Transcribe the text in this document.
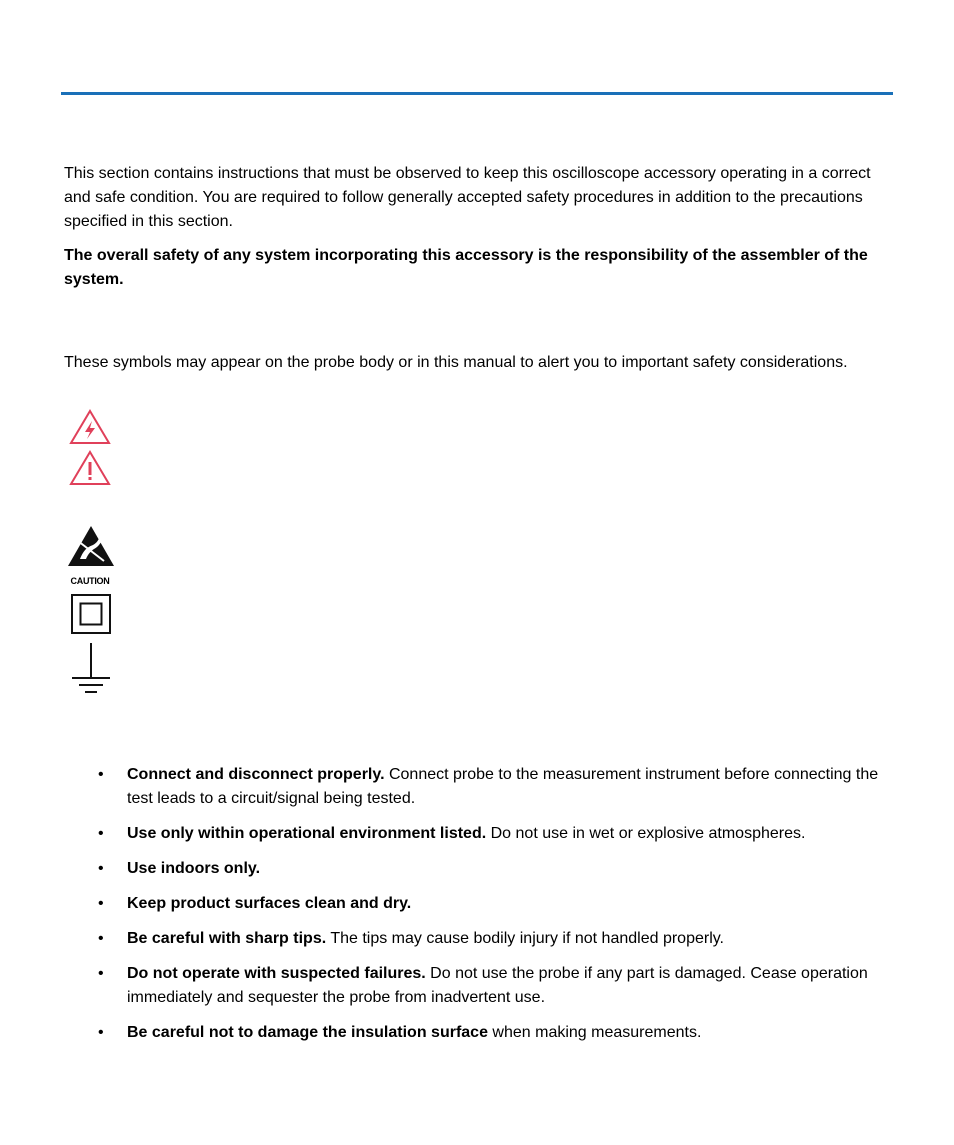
This section contains instructions that must be observed to keep this oscilloscope accessory operating in a correct and safe condition. You are required to follow generally accepted safety procedures in addition to the precautions specified in this section.

The overall safety of any system incorporating this accessory is the responsibility of the assembler of the system.

These symbols may appear on the probe body or in this manual to alert you to important safety considerations.

CAUTION
• Connect and disconnect properly. Connect probe to the measurement instrument before connecting the test leads to a circuit/signal being tested.
• Use only within operational environment listed. Do not use in wet or explosive atmospheres.
• Use indoors only.
• Keep product surfaces clean and dry.
• Be careful with sharp tips. The tips may cause bodily injury if not handled properly.
• Do not operate with suspected failures. Do not use the probe if any part is damaged. Cease operation immediately and sequester the probe from inadvertent use.
• Be careful not to damage the insulation surface when making measurements.
